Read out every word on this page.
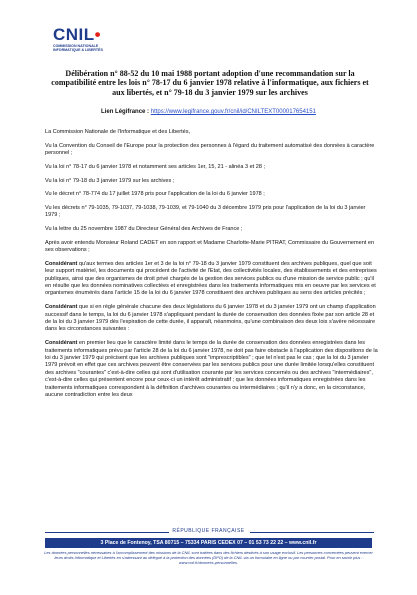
CNIL•
COMMISSION NATIONALE
INFORMATIQUE & LIBERTÉS
Délibération n° 88-52 du 10 mai 1988 portant adoption d'une recommandation sur la compatibilité entre les lois n° 78-17 du 6 janvier 1978 relative à l'informatique, aux fichiers et aux libertés, et n° 79-18 du 3 janvier 1979 sur les archives
Lien Légifrance : https://www.legifrance.gouv.fr/cnil/id/CNILTEXT000017654151

La Commission Nationale de l'Informatique et des Libertés,

Vu la Convention du Conseil de l'Europe pour la protection des personnes à l'égard du traitement automatisé des données à caractère personnel ;

Vu la loi n° 78-17 du 6 janvier 1978 et notamment ses articles 1er, 15, 21 - alinéa 3 et 28 ;

Vu la loi n° 79-18 du 3 janvier 1979 sur les archives ;

Vu le décret n° 78-774 du 17 juillet 1978 pris pour l'application de la loi du 6 janvier 1978 ;

Vu les décrets n° 79-1035, 79-1037, 79-1038, 79-1039, et 79-1040 du 3 décembre 1979 pris pour l'application de la loi du 3 janvier 1979 ;

Vu la lettre du 25 novembre 1987 du Directeur Général des Archives de France ;

Après avoir entendu Monsieur Roland CADET en son rapport et Madame Charlotte-Marie PITRAT, Commissaire du Gouvernement en ses observations ;

Considérant qu'aux termes des articles 1er et 3 de la loi n° 79-18 du 3 janvier 1979 constituent des archives publiques, quel que soit leur support matériel, les documents qui procèdent de l'activité de l'Etat, des collectivités locales, des établissements et des entreprises publiques, ainsi que des organismes de droit privé chargés de la gestion des services publics ou d'une mission de service public ; qu'il en résulte que les données nominatives collectées et enregistrées dans les traitements informatiques mis en oeuvre par les services et organismes énumérés dans l'article 15 de la loi du 6 janvier 1978 constituent des archives publiques au sens des articles précités ;

Considérant que si en règle générale chacune des deux législations du 6 janvier 1978 et du 3 janvier 1979 ont un champ d'application successif dans le temps, la loi du 6 janvier 1978 s'appliquant pendant la durée de conservation des données fixée par son article 28 et de la loi du 3 janvier 1979 dès l'expiration de cette durée, il apparaît, néanmoins, qu'une combinaison des deux lois s'avère nécessaire dans les circonstances suivantes :

Considérant en premier lieu que le caractère limité dans le temps de la durée de conservation des données enregistrées dans les traitements informatiques prévu par l'article 28 de la loi du 6 janvier 1978, ne doit pas faire obstacle à l'application des dispositions de la loi du 3 janvier 1979 qui précisent que les archives publiques sont "imprescriptibles" ; que tel n'est pas le cas ; que la loi du 3 janvier 1979 prévoit en effet que ces archives peuvent être conservées par les services publics pour une durée limitée lorsqu'elles constituent des archives "courantes" c'est-à-dire celles qui sont d'utilisation courante par les services concernés ou des archives "intermédiaires", c'est-à-dire celles qui présentent encore pour ceux-ci un intérêt administratif ; que les données informatiques enregistrées dans les traitements informatiques correspondent à la définition d'archives courantes ou intermédiaires ; qu'il n'y a donc, en la circonstance, aucune contradiction entre les deux

RÉPUBLIQUE FRANÇAISE
3 Place de Fontenoy, TSA 80715 – 75334 PARIS CEDEX 07 – 01 53 73 22 22 – www.cnil.fr
Les données personnelles nécessaires à l'accomplissement des missions de la CNIL sont traitées dans des fichiers destinés à son usage exclusif. Les personnes concernées peuvent exercer leurs droits Informatique et Libertés en s'adressant au délégué à la protection des données (DPO) de la CNIL via un formulaire en ligne ou par courrier postal. Pour en savoir plus : www.cnil.fr/donnees-personnelles.
